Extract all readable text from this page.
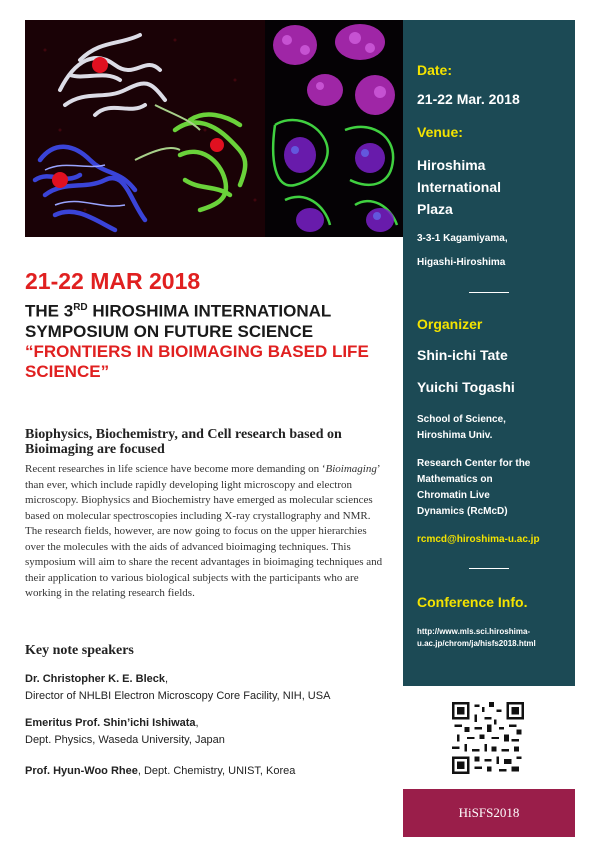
Date:
21-22 Mar. 2018
Venue:
Hiroshima
International
Plaza
3-3-1 Kagamiyama,
Higashi-Hiroshima
Organizer
Shin-ichi Tate
Yuichi Togashi
School of Science,
Hiroshima Univ.
Research Center for the
Mathematics on
Chromatin Live
Dynamics (RcMcD)
rcmcd@hiroshima-u.ac.jp
Conference Info.
http://www.mls.sci.hiroshima-
u.ac.jp/chrom/ja/hisfs2018.html
HiSFS2018
21-22 MAR 2018
THE 3RD HIROSHIMA INTERNATIONAL SYMPOSIUM ON FUTURE SCIENCE “FRONTIERS IN BIOIMAGING BASED LIFE SCIENCE”
Biophysics, Biochemistry, and Cell research based on Bioimaging are focused
Recent researches in life science have become more demanding on ‘Bioimaging’ than ever, which include rapidly developing light microscopy and electron microscopy. Biophysics and Biochemistry have emerged as molecular sciences based on molecular spectroscopies including X-ray crystallography and NMR. The research fields, however, are now going to focus on the upper hierarchies over the molecules with the aids of advanced bioimaging techniques. This symposium will aim to share the recent advantages in bioimaging techniques and their application to various biological subjects with the participants who are working in the relating research fields.
Key note speakers
Dr. Christopher K. E. Bleck,
Director of NHLBI Electron Microscopy Core Facility, NIH, USA
Emeritus Prof. Shin’ichi Ishiwata,
Dept. Physics, Waseda University, Japan
Prof. Hyun-Woo Rhee, Dept. Chemistry, UNIST, Korea
